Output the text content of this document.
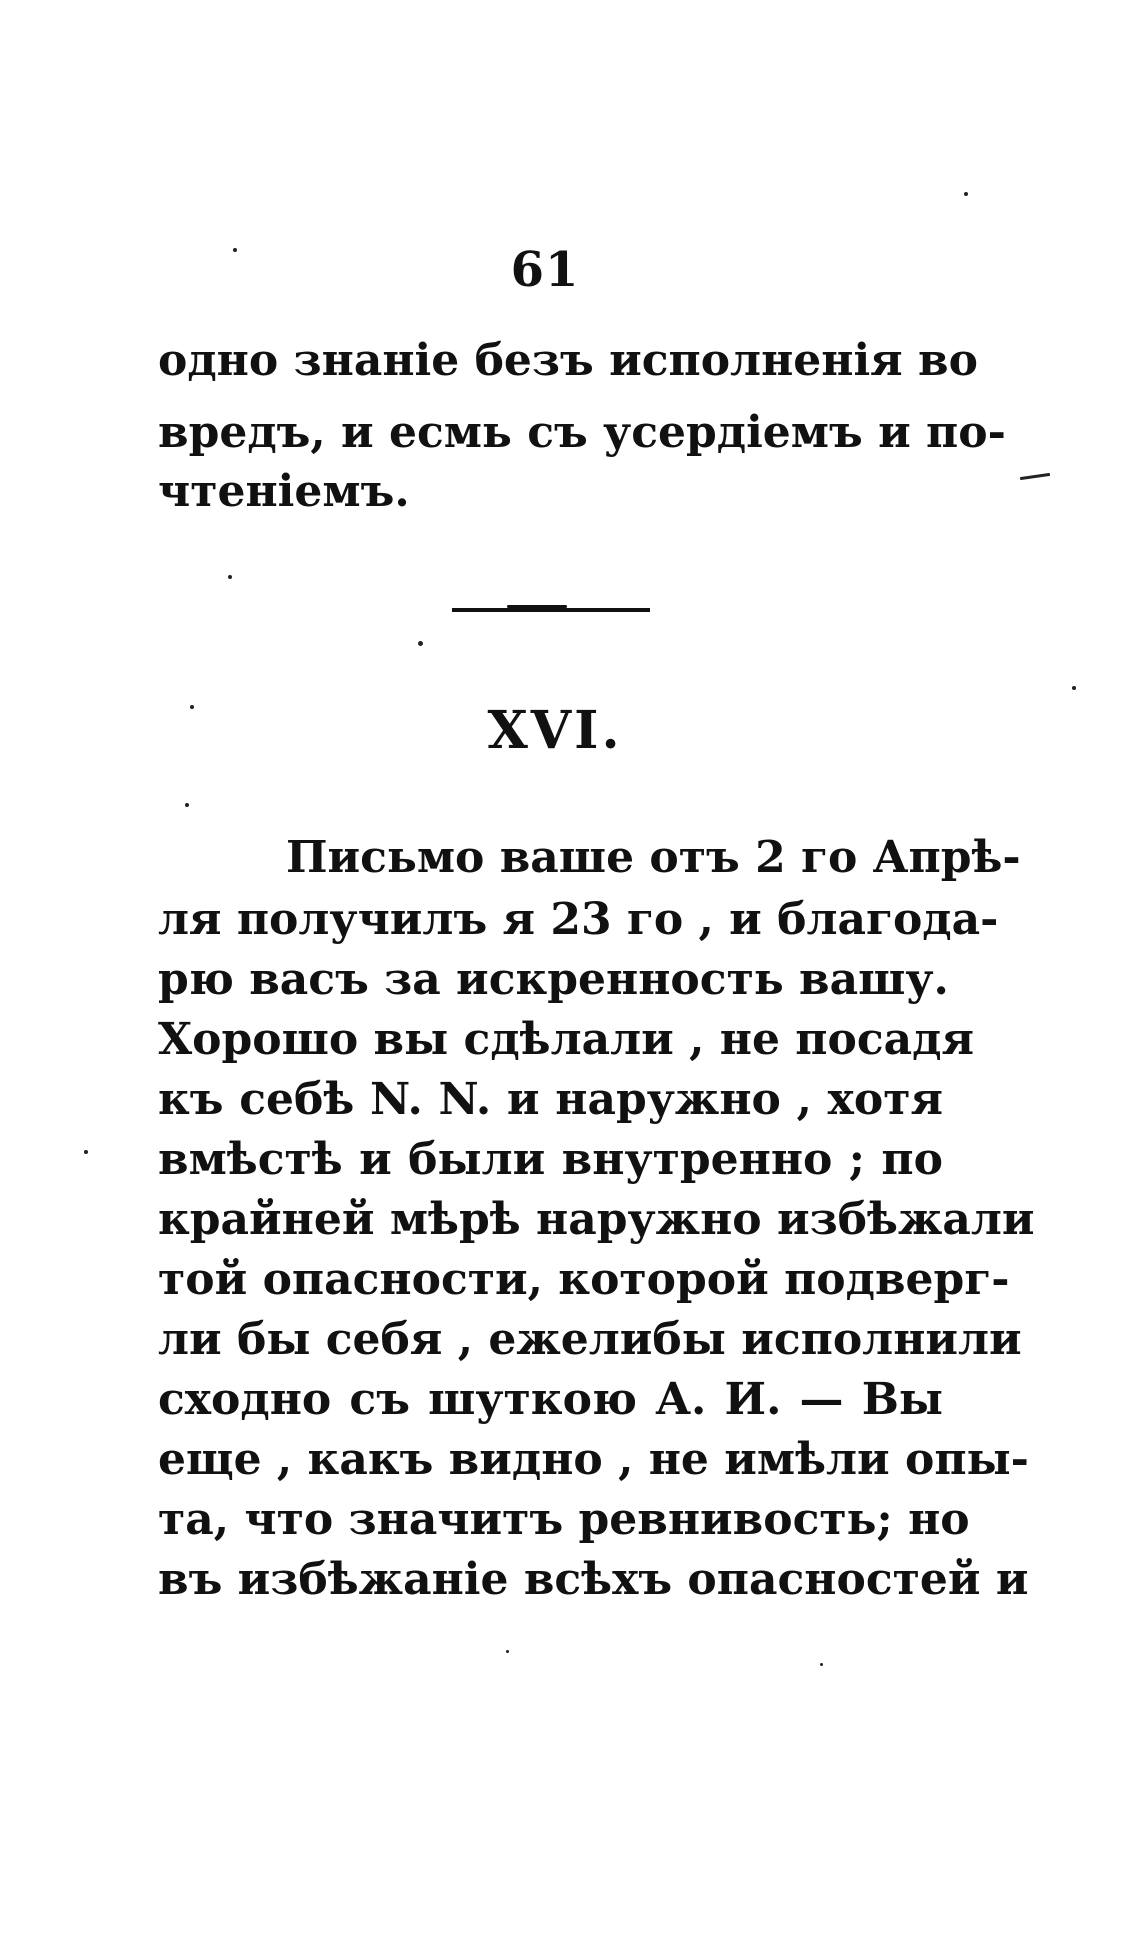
61
одно знаніе безъ исполненія во
вредъ, и есмь съ усердіемъ и по-
чтеніемъ.
XVI.
Письмо ваше отъ 2 го Апрѣ-
ля получилъ я 23 го , и благода-
рю васъ за искренность вашу.
Хорошо вы сдѣлали , не посадя
къ себѣ N. N. и наружно , хотя
вмѣстѣ и были внутренно ; по
крайней мѣрѣ наружно избѣжали
той опасности, которой подверг-
ли бы себя , ежелибы исполнили
сходно съ шуткою А. И. — Вы
еще , какъ видно , не имѣли опы-
та, что значитъ ревнивость; но
въ избѣжаніе всѣхъ опасностей и
